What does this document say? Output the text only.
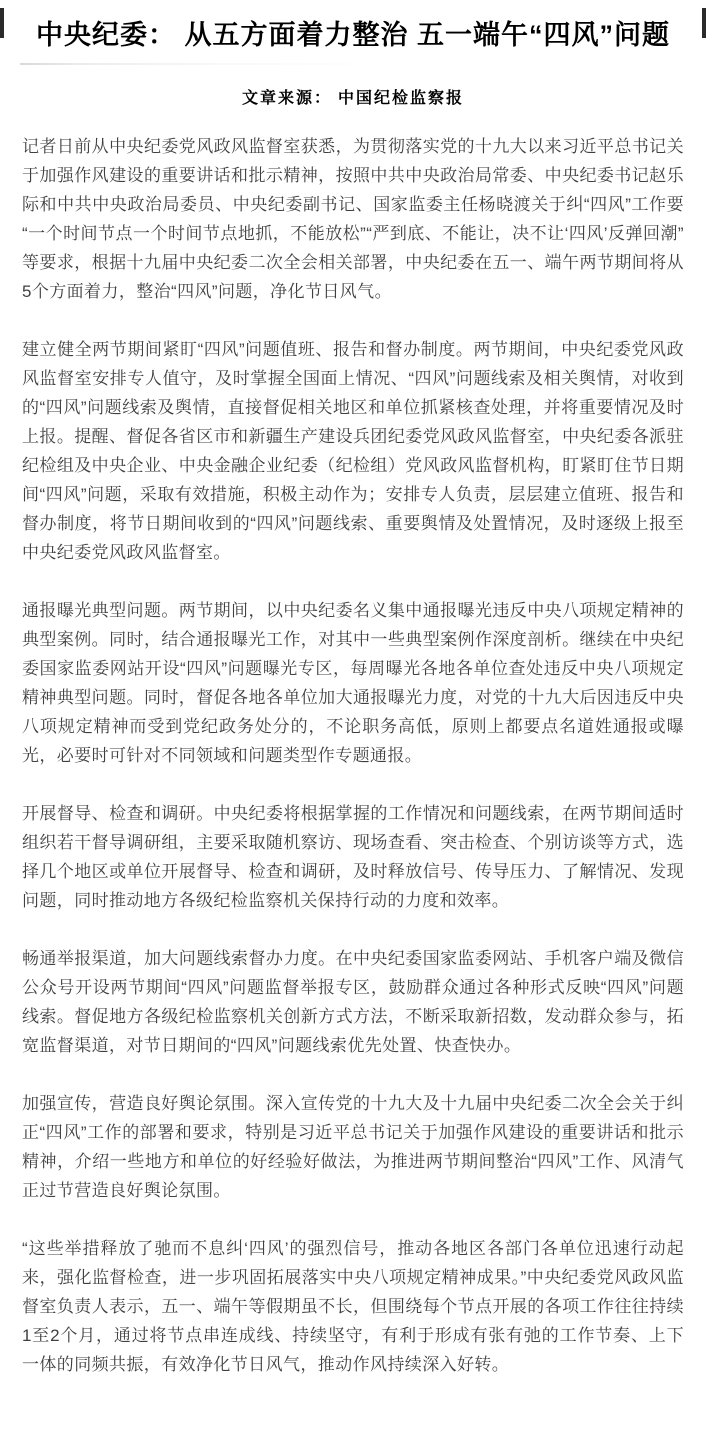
中央纪委： 从五方面着力整治 五一端午“四风”问题
文章来源： 中国纪检监察报

记者日前从中央纪委党风政风监督室获悉，为贯彻落实党的十九大以来习近平总书记关于加强作风建设的重要讲话和批示精神，按照中共中央政治局常委、中央纪委书记赵乐际和中共中央政治局委员、中央纪委副书记、国家监委主任杨晓渡关于纠“四风”工作要“一个时间节点一个时间节点地抓，不能放松”“严到底、不能让，决不让‘四风’反弹回潮”等要求，根据十九届中央纪委二次全会相关部署，中央纪委在五一、端午两节期间将从5个方面着力，整治“四风”问题，净化节日风气。

建立健全两节期间紧盯“四风”问题值班、报告和督办制度。两节期间，中央纪委党风政风监督室安排专人值守，及时掌握全国面上情况、“四风”问题线索及相关舆情，对收到的“四风”问题线索及舆情，直接督促相关地区和单位抓紧核查处理，并将重要情况及时上报。提醒、督促各省区市和新疆生产建设兵团纪委党风政风监督室，中央纪委各派驻纪检组及中央企业、中央金融企业纪委（纪检组）党风政风监督机构，盯紧盯住节日期间“四风”问题，采取有效措施，积极主动作为；安排专人负责，层层建立值班、报告和督办制度，将节日期间收到的“四风”问题线索、重要舆情及处置情况，及时逐级上报至中央纪委党风政风监督室。

通报曝光典型问题。两节期间，以中央纪委名义集中通报曝光违反中央八项规定精神的典型案例。同时，结合通报曝光工作，对其中一些典型案例作深度剖析。继续在中央纪委国家监委网站开设“四风”问题曝光专区，每周曝光各地各单位查处违反中央八项规定精神典型问题。同时，督促各地各单位加大通报曝光力度，对党的十九大后因违反中央八项规定精神而受到党纪政务处分的，不论职务高低，原则上都要点名道姓通报或曝光，必要时可针对不同领域和问题类型作专题通报。

开展督导、检查和调研。中央纪委将根据掌握的工作情况和问题线索，在两节期间适时组织若干督导调研组，主要采取随机察访、现场查看、突击检查、个别访谈等方式，选择几个地区或单位开展督导、检查和调研，及时释放信号、传导压力、了解情况、发现问题，同时推动地方各级纪检监察机关保持行动的力度和效率。

畅通举报渠道，加大问题线索督办力度。在中央纪委国家监委网站、手机客户端及微信公众号开设两节期间“四风”问题监督举报专区，鼓励群众通过各种形式反映“四风”问题线索。督促地方各级纪检监察机关创新方式方法，不断采取新招数，发动群众参与，拓宽监督渠道，对节日期间的“四风”问题线索优先处置、快查快办。

加强宣传，营造良好舆论氛围。深入宣传党的十九大及十九届中央纪委二次全会关于纠正“四风”工作的部署和要求，特别是习近平总书记关于加强作风建设的重要讲话和批示精神，介绍一些地方和单位的好经验好做法，为推进两节期间整治“四风”工作、风清气正过节营造良好舆论氛围。

“这些举措释放了驰而不息纠‘四风’的强烈信号，推动各地区各部门各单位迅速行动起来，强化监督检查，进一步巩固拓展落实中央八项规定精神成果。”中央纪委党风政风监督室负责人表示，五一、端午等假期虽不长，但围绕每个节点开展的各项工作往往持续1至2个月，通过将节点串连成线、持续坚守，有利于形成有张有弛的工作节奏、上下一体的同频共振，有效净化节日风气，推动作风持续深入好转。
